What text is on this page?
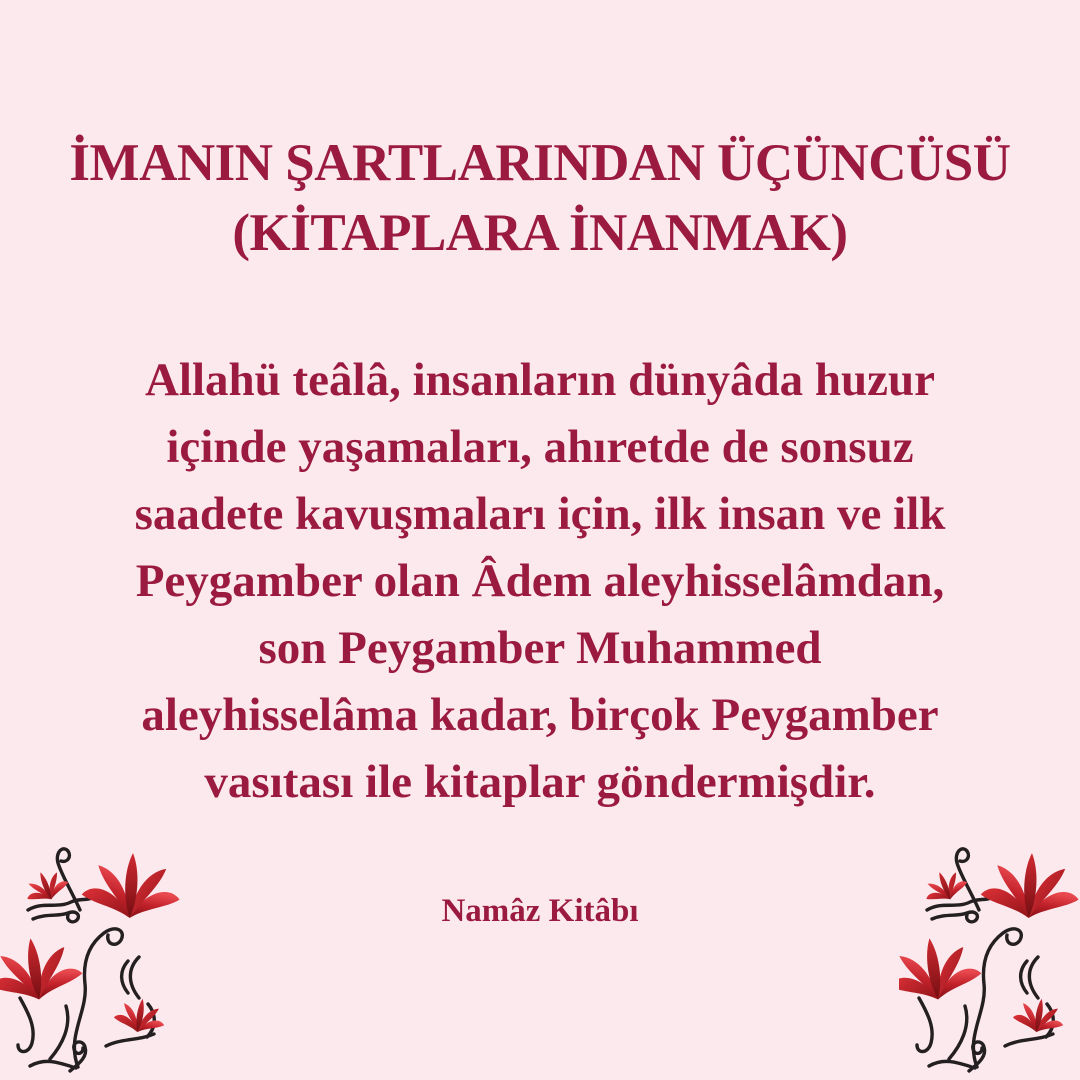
İMANIN ŞARTLARINDAN ÜÇÜNCÜSÜ
(KİTAPLARA İNANMAK)
Allahü teâlâ, insanların dünyâda huzur
içinde yaşamaları, ahıretde de sonsuz
saadete kavuşmaları için, ilk insan ve ilk
Peygamber olan Âdem aleyhisselâmdan,
son Peygamber Muhammed
aleyhisselâma kadar, birçok Peygamber
vasıtası ile kitaplar göndermişdir.
Namâz Kitâbı
